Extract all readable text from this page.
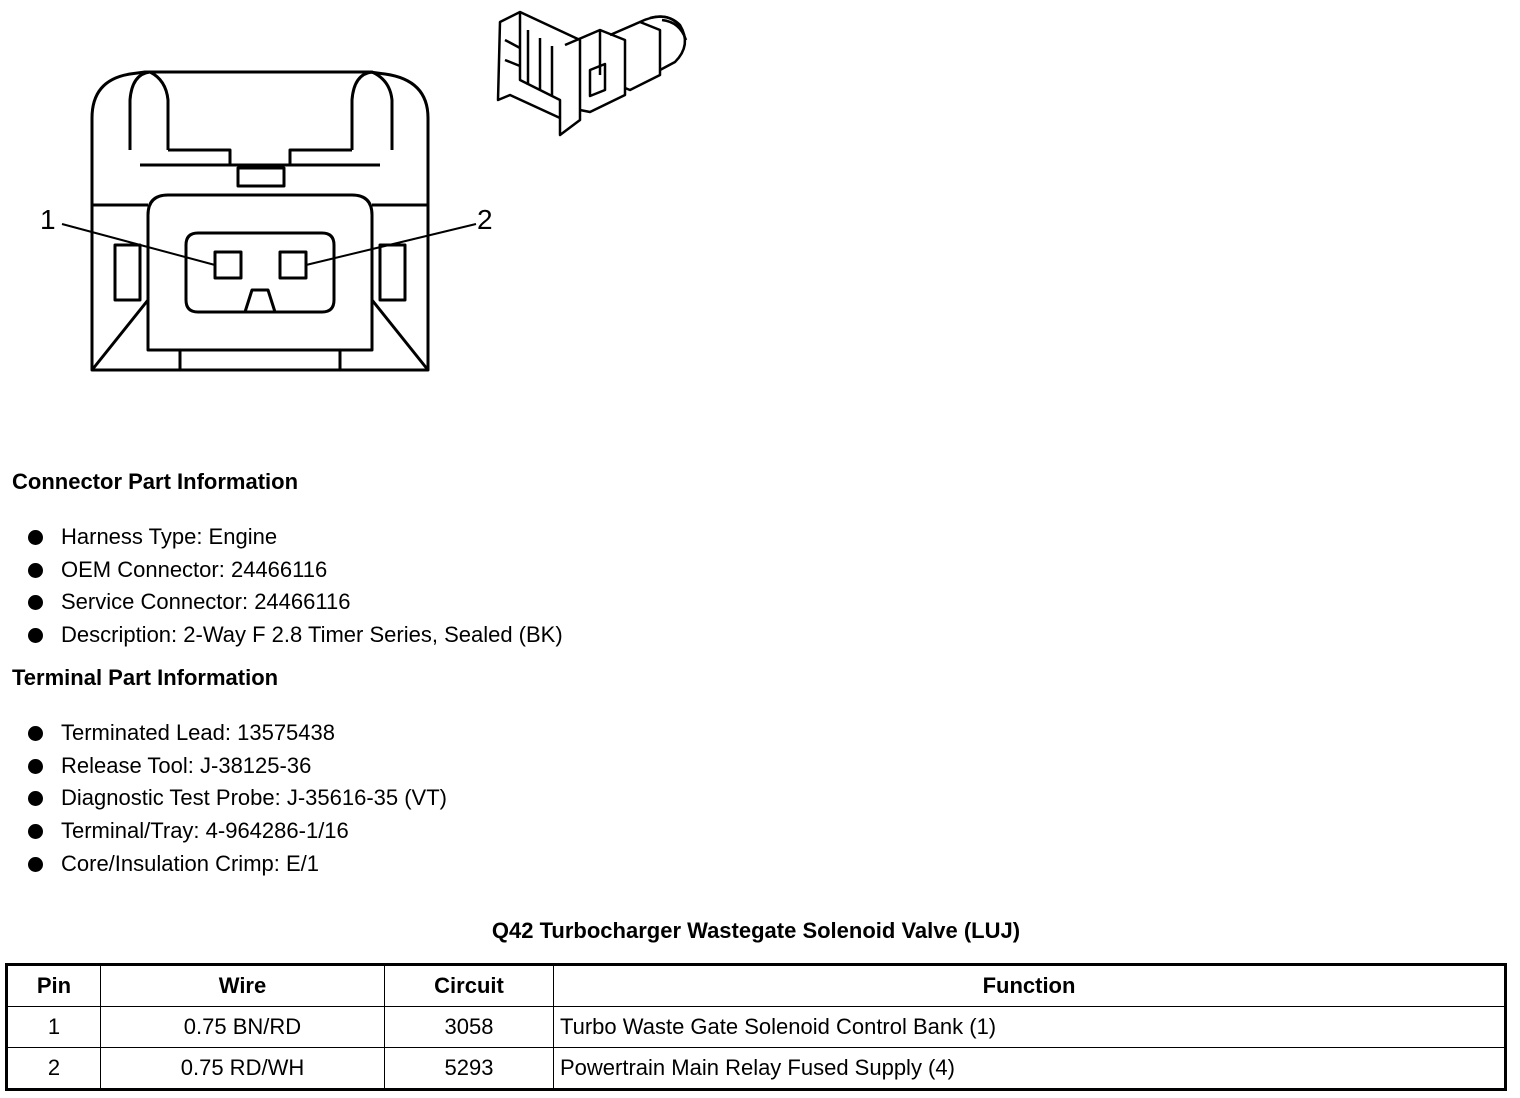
1	2
Connector Part Information
Harness Type: Engine
OEM Connector: 24466116
Service Connector: 24466116
Description: 2-Way F 2.8 Timer Series, Sealed (BK)
Terminal Part Information
Terminated Lead: 13575438
Release Tool: J-38125-36
Diagnostic Test Probe: J-35616-35 (VT)
Terminal/Tray: 4-964286-1/16
Core/Insulation Crimp: E/1
Q42 Turbocharger Wastegate Solenoid Valve (LUJ)
Pin	Wire	Circuit	Function
1	0.75 BN/RD	3058	Turbo Waste Gate Solenoid Control Bank (1)
2	0.75 RD/WH	5293	Powertrain Main Relay Fused Supply (4)
